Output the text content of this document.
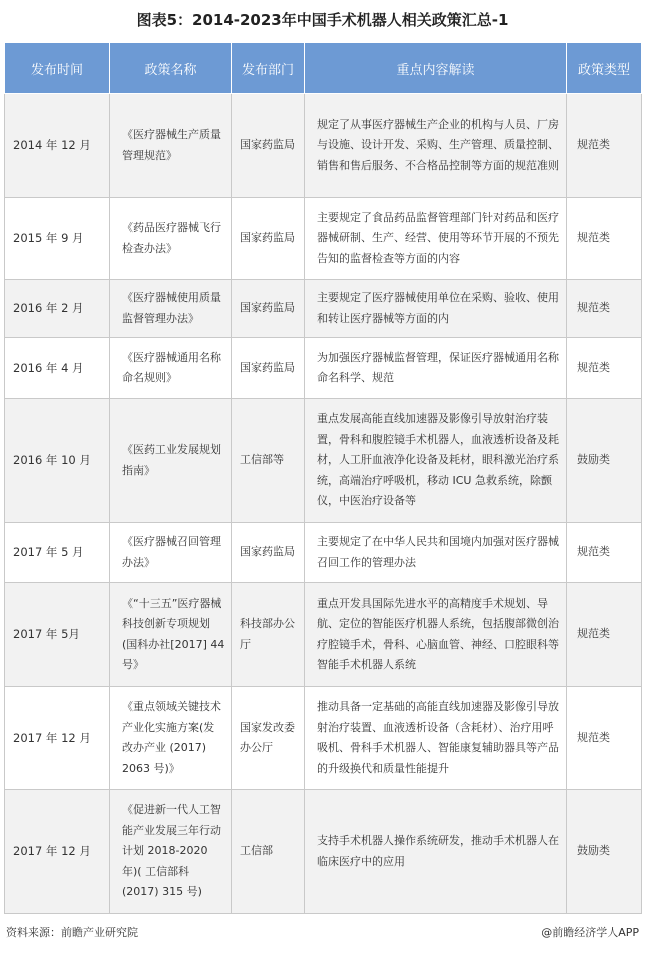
图表5：2014-2023年中国手术机器人相关政策汇总-1
发布时间	政策名称	发布部门	重点内容解读	政策类型
2014 年 12 月	《医疗器械生产质量管理规范》	国家药监局	规定了从事医疗器械生产企业的机构与人员、厂房与设施、设计开发、采购、生产管理、质量控制、销售和售后服务、不合格品控制等方面的规范准则	规范类
2015 年 9 月	《药品医疗器械飞行检查办法》	国家药监局	主要规定了食品药品监督管理部门针对药品和医疗器械研制、生产、经营、使用等环节开展的不预先告知的监督检查等方面的内容	规范类
2016 年 2 月	《医疗器械使用质量监督管理办法》	国家药监局	主要规定了医疗器械使用单位在采购、验收、使用和转让医疗器械等方面的内	规范类
2016 年 4 月	《医疗器械通用名称命名规则》	国家药监局	为加强医疗器械监督管理，保证医疗器械通用名称命名科学、规范	规范类
2016 年 10 月	《医药工业发展规划指南》	工信部等	重点发展高能直线加速器及影像引导放射治疗装置，骨科和腹腔镜手术机器人，血液透析设备及耗材，人工肝血液净化设备及耗材，眼科激光治疗系统，高端治疗呼吸机，移动 ICU 急救系统，除颤仪，中医治疗设备等	鼓励类
2017 年 5 月	《医疗器械召回管理办法》	国家药监局	主要规定了在中华人民共和国境内加强对医疗器械召回工作的管理办法	规范类
2017 年 5月	《“十三五”医疗器械科技创新专项规划(国科办社[2017] 44号》	科技部办公厅	重点开发具国际先进水平的高精度手术规划、导航、定位的智能医疗机器人系统，包括腹部微创治疗腔镜手术，骨科、心脑血管、神经、口腔眼科等智能手术机器人系统	规范类
2017 年 12 月	《重点领域关键技术产业化实施方案(发改办产业 (2017) 2063 号)》	国家发改委办公厅	推动具备一定基础的高能直线加速器及影像引导放射治疗装置、血液透析设备（含耗材）、治疗用呼吸机、骨科手术机器人、智能康复辅助器具等产品的升级换代和质量性能提升	规范类
2017 年 12 月	《促进新一代人工智能产业发展三年行动计划 2018-2020 年)( 工信部科 (2017) 315 号)	工信部	支持手术机器人操作系统研发，推动手术机器人在临床医疗中的应用	鼓励类
资料来源：前瞻产业研究院	@前瞻经济学人APP
